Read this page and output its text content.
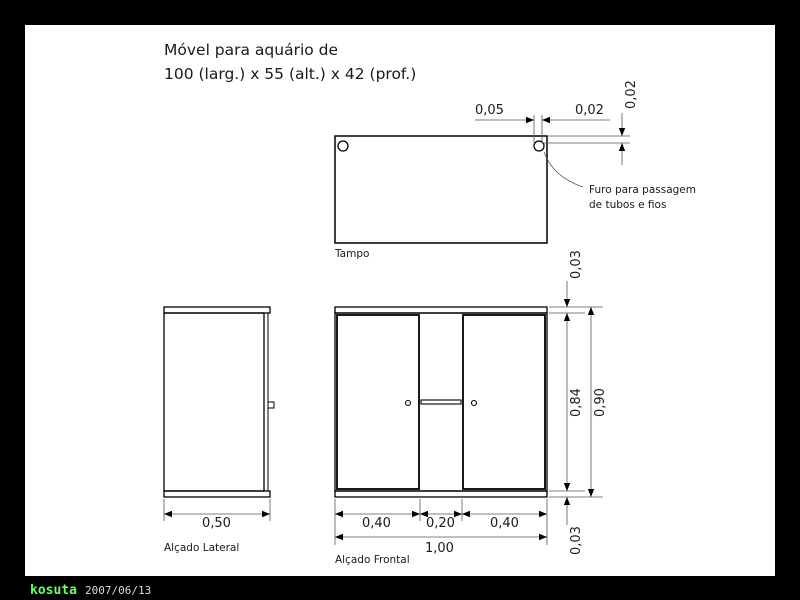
Móvel para aquário de
100 (larg.) x 55 (alt.) x 42 (prof.)
Tampo
0,05	0,02
0,02
Furo para passagem
de tubos e fios
0,50
Alçado Lateral
0,40	0,20	0,40
1,00
Alçado Frontal
0,03
0,84 0,90
0,03
kosuta 2007/06/13
